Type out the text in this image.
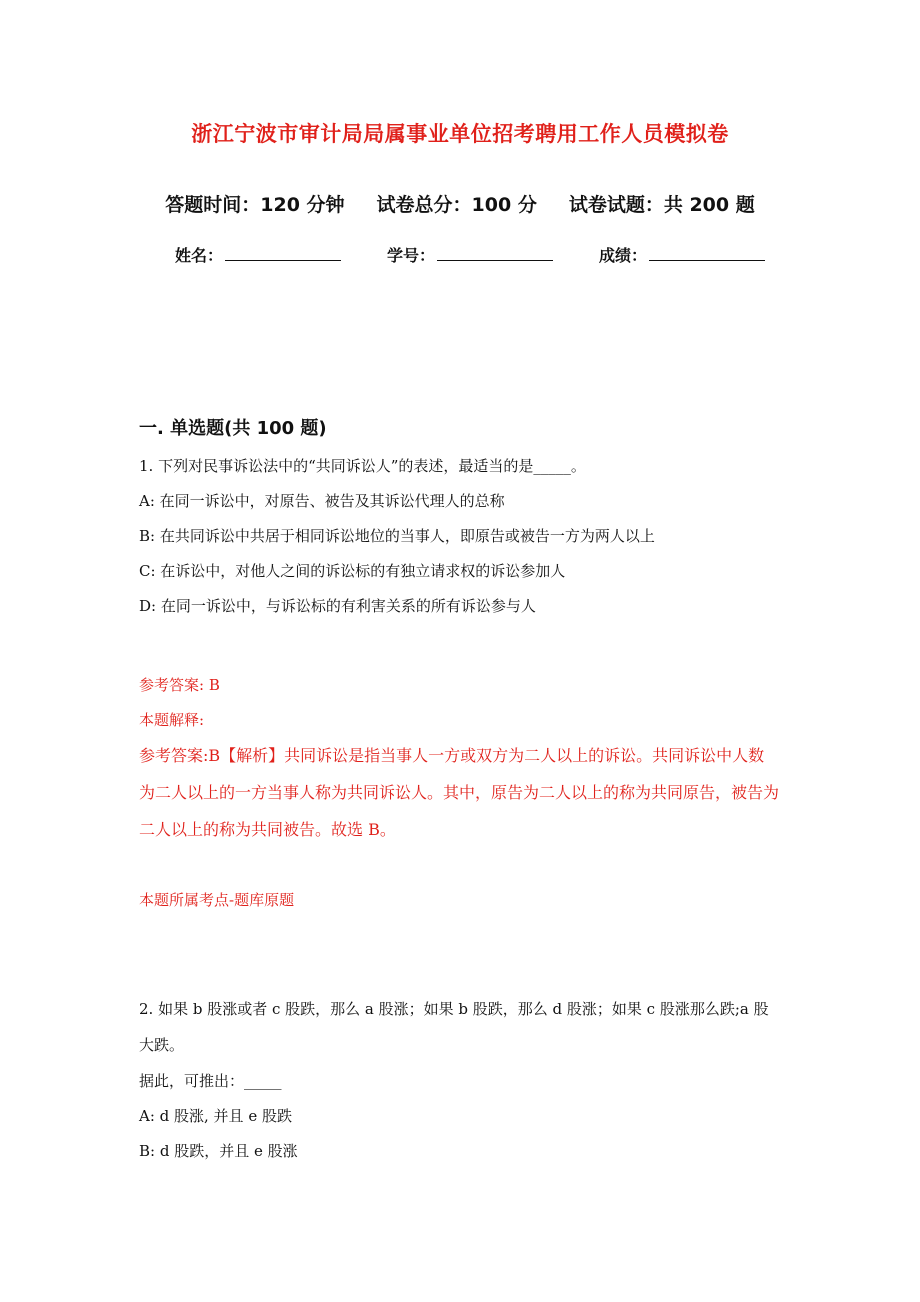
浙江宁波市审计局局属事业单位招考聘用工作人员模拟卷
答题时间：120 分钟 试卷总分：100 分 试卷试题：共 200 题
姓名：	学号：	成绩：
一. 单选题(共 100 题)
1. 下列对民事诉讼法中的“共同诉讼人”的表述，最适当的是_____。
A: 在同一诉讼中，对原告、被告及其诉讼代理人的总称
B: 在共同诉讼中共居于相同诉讼地位的当事人，即原告或被告一方为两人以上
C: 在诉讼中，对他人之间的诉讼标的有独立请求权的诉讼参加人
D: 在同一诉讼中，与诉讼标的有利害关系的所有诉讼参与人
参考答案: B
本题解释:
参考答案:B【解析】共同诉讼是指当事人一方或双方为二人以上的诉讼。共同诉讼中人数为二人以上的一方当事人称为共同诉讼人。其中，原告为二人以上的称为共同原告，被告为二人以上的称为共同被告。故选 B。
本题所属考点-题库原题
2. 如果 b 股涨或者 c 股跌，那么 a 股涨；如果 b 股跌，那么 d 股涨；如果 c 股涨那么跌;a 股大跌。
据此，可推出：_____
A: d 股涨, 并且 e 股跌
B: d 股跌，并且 e 股涨
